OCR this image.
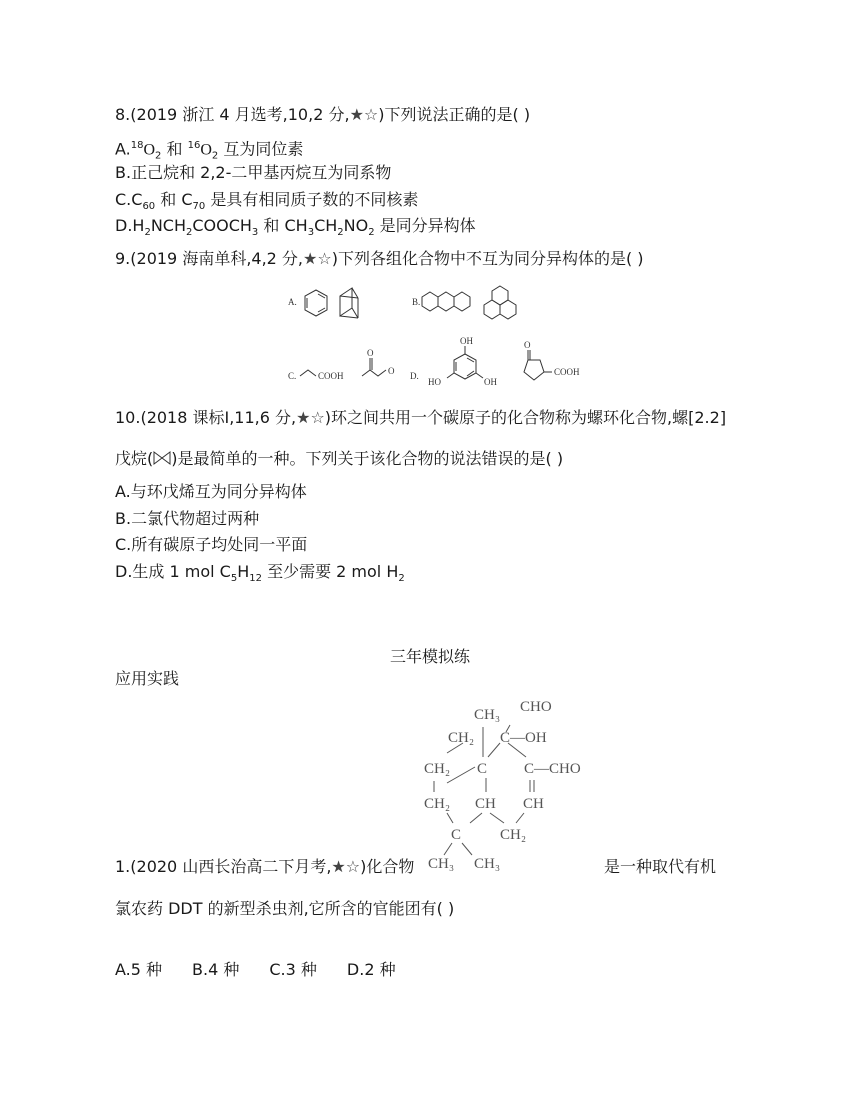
8.(2019 浙江 4 月选考,10,2 分,★☆)下列说法正确的是( )
$A.^{18}O_2$ 和 $^{16}O_2$ 互为同位素
B.正己烷和 2,2-二甲基丙烷互为同系物
$C.C_{60}$ 和 $C_{70}$ 是具有相同质子数的不同核素
$D.H_2NCH_2COOCH_3$ 和 $CH_3CH_2NO_2$ 是同分异构体
9.(2019 海南单科,4,2 分,★☆)下列各组化合物中不互为同分异构体的是( )
A.	B.
C. COOH
O
O D.
OH
HO	OH
O
COOH
10.(2018 课标Ⅰ,11,6 分,★☆)环之间共用一个碳原子的化合物称为螺环化合物,螺[2.2]
戊烷( )是最简单的一种。下列关于该化合物的说法错误的是( )
A.与环戊烯互为同分异构体
B.二氯代物超过两种
C.所有碳原子均处同一平面
D.生成 1 mol $C_5H_{12}$ 至少需要 2 mol $H_2$
三年模拟练
应用实践
CH₃ CHO
CH₂ C—OH
CH₂ C C—CHO
CH₂ CH CH
C	CH₂
CH₃ CH₃
1.(2020 山西长治高二下月考,★☆)化合物	是一种取代有机
氯农药 DDT 的新型杀虫剂,它所含的官能团有( )
A.5 种 B.4 种 C.3 种 D.2 种
